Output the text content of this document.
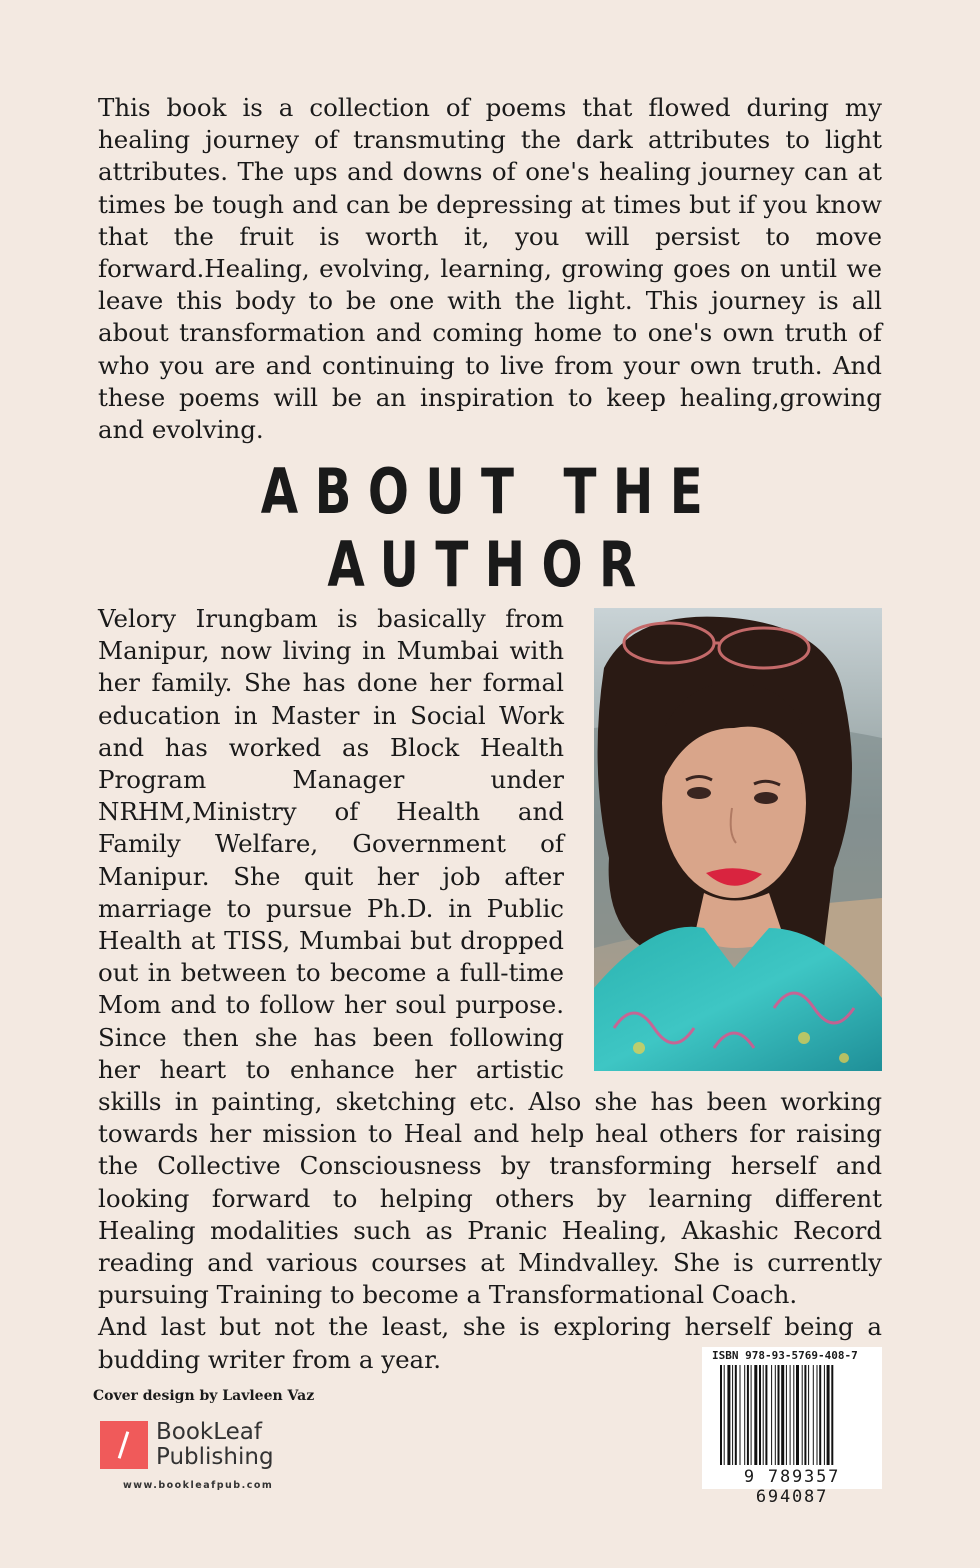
This book is a collection of poems that flowed during my healing journey of transmuting the dark attributes to light attributes. The ups and downs of one's healing journey can at times be tough and can be depressing at times but if you know that the fruit is worth it, you will persist to move forward.Healing, evolving, learning, growing goes on until we leave this body to be one with the light. This journey is all about transformation and coming home to one's own truth of who you are and continuing to live from your own truth. And these poems will be an inspiration to keep healing,growing and evolving.

ABOUT THE AUTHOR

Velory Irungbam is basically from Manipur, now living in Mumbai with her family. She has done her formal education in Master in Social Work and has worked as Block Health Program Manager under NRHM,Ministry of Health and Family Welfare, Government of Manipur. She quit her job after marriage to pursue Ph.D. in Public Health at TISS, Mumbai but dropped out in between to become a full-time Mom and to follow her soul purpose. Since then she has been following her heart to enhance her artistic skills in painting, sketching etc. Also she has been working towards her mission to Heal and help heal others for raising the Collective Consciousness by transforming herself and looking forward to helping others by learning different Healing modalities such as Pranic Healing, Akashic Record reading and various courses at Mindvalley. She is currently pursuing Training to become a Transformational Coach.

And last but not the least, she is exploring herself being a budding writer from a year.

Cover design by Lavleen Vaz
BookLeaf
Publishing
www.bookleafpub.com
ISBN 978-93-5769-408-7
9 789357 694087
